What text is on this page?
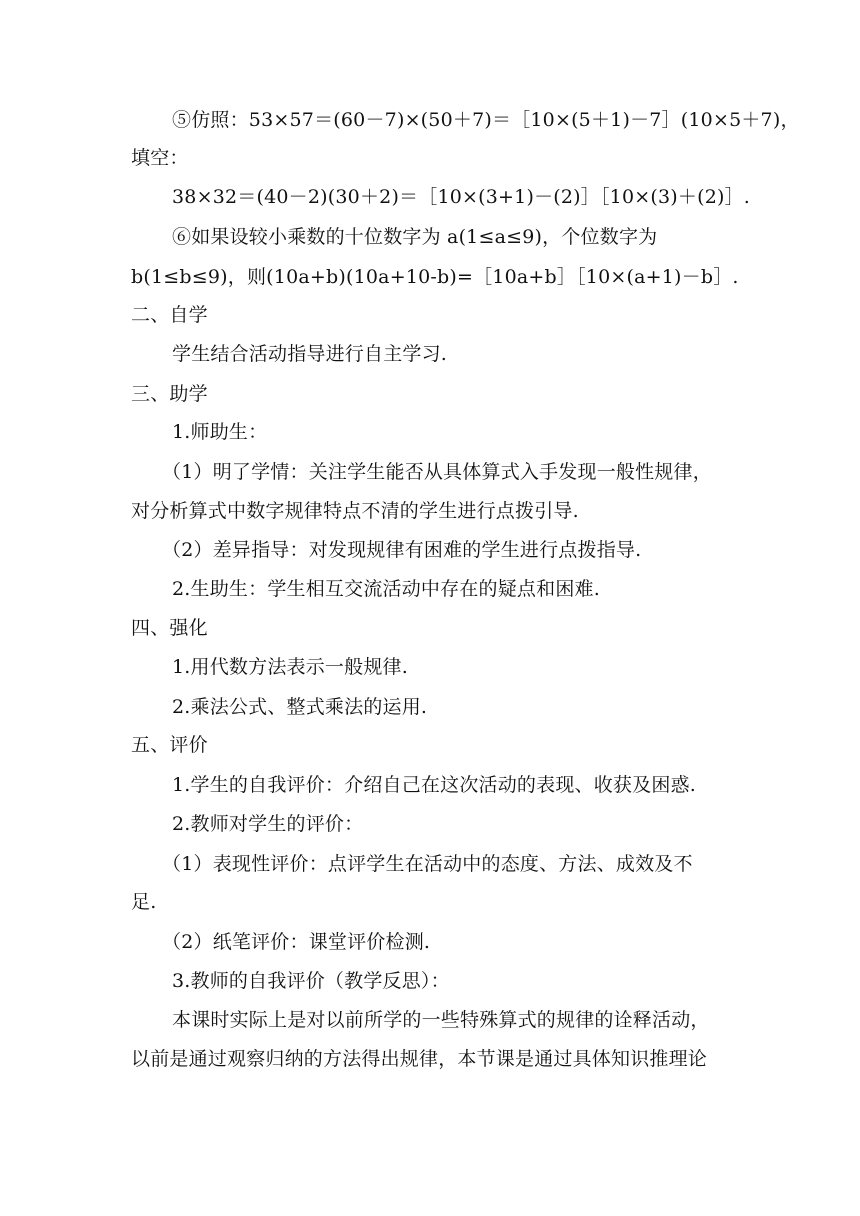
⑤仿照：53×57＝(60－7)×(50＋7)＝［10×(5＋1)－7］(10×5＋7)，
填空：
38×32＝(40－2)(30＋2)＝［10×(3+1)－(2)］［10×(3)＋(2)］.
⑥如果设较小乘数的十位数字为 a(1≤a≤9)，个位数字为
b(1≤b≤9)，则(10a+b)(10a+10-b)=［10a+b］［10×(a+1)－b］.
二、自学
学生结合活动指导进行自主学习.
三、助学
1.师助生：
（1）明了学情：关注学生能否从具体算式入手发现一般性规律，
对分析算式中数字规律特点不清的学生进行点拨引导.
（2）差异指导：对发现规律有困难的学生进行点拨指导.
2.生助生：学生相互交流活动中存在的疑点和困难.
四、强化
1.用代数方法表示一般规律.
2.乘法公式、整式乘法的运用.
五、评价
1.学生的自我评价：介绍自己在这次活动的表现、收获及困惑.
2.教师对学生的评价：
（1）表现性评价：点评学生在活动中的态度、方法、成效及不
足.
（2）纸笔评价：课堂评价检测.
3.教师的自我评价（教学反思）：
本课时实际上是对以前所学的一些特殊算式的规律的诠释活动，
以前是通过观察归纳的方法得出规律，本节课是通过具体知识推理论
